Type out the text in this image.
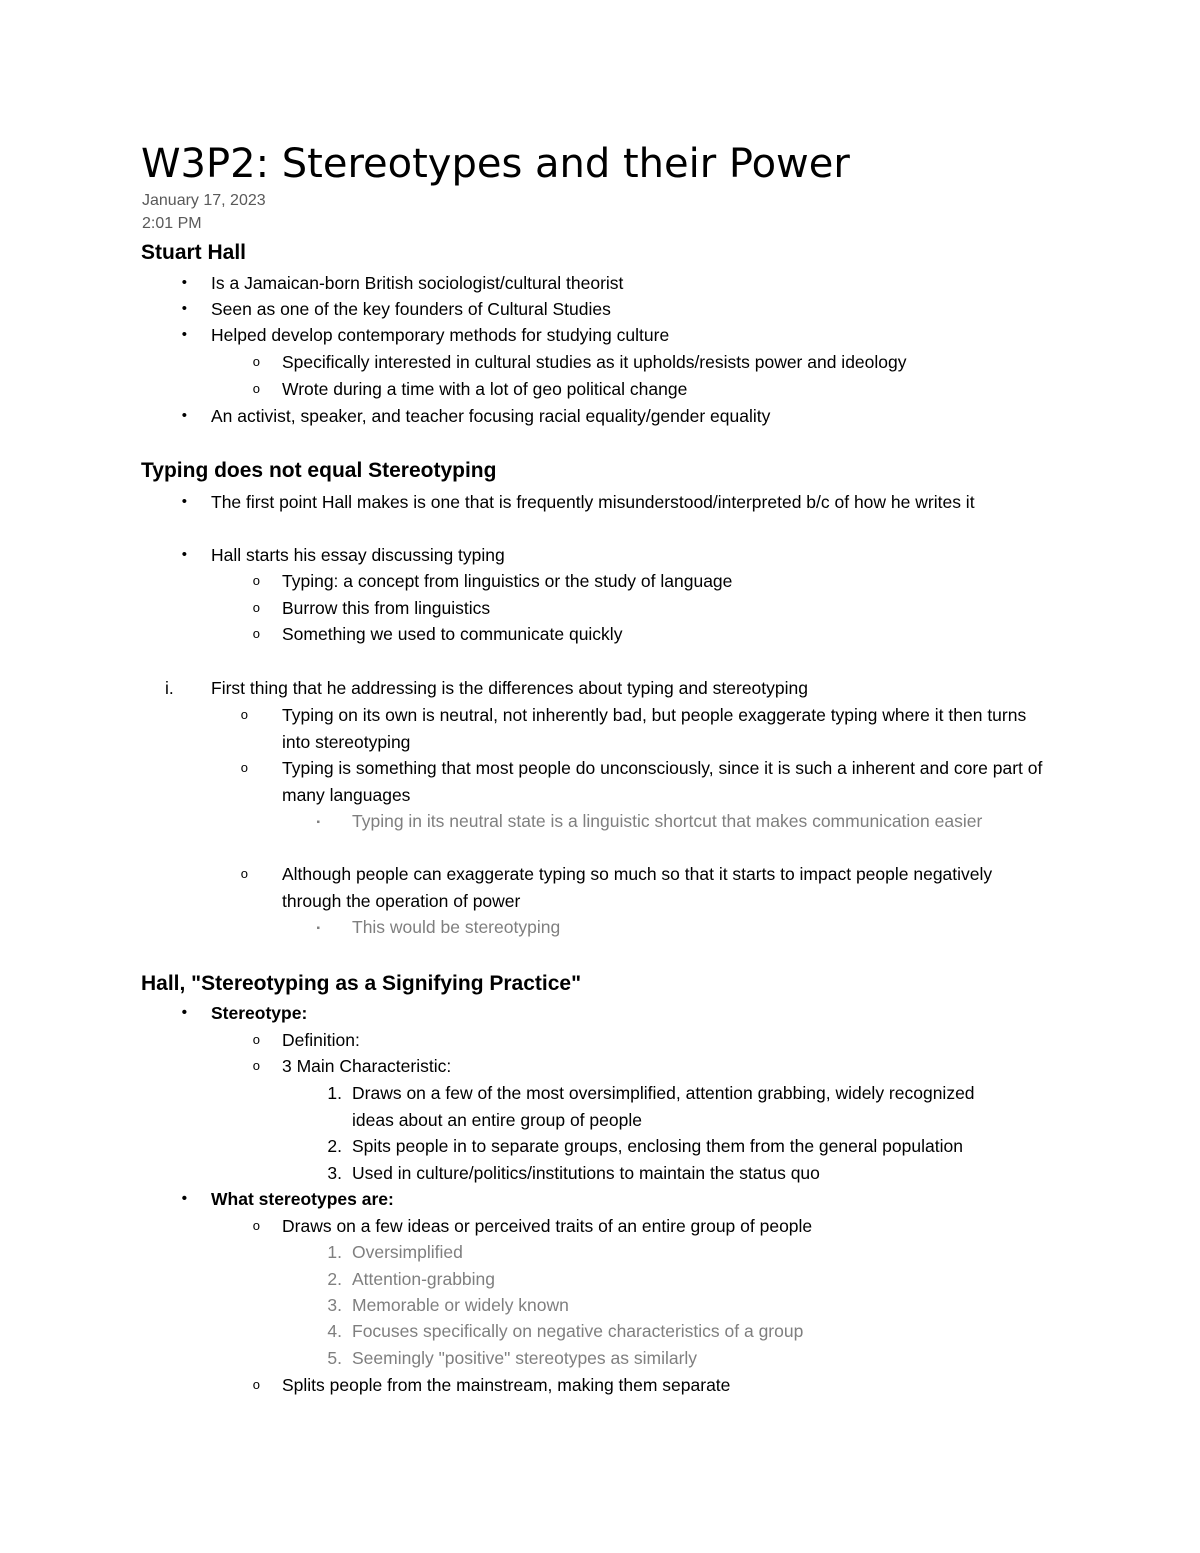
W3P2: Stereotypes and their Power
January 17, 2023
2:01 PM
Stuart Hall
• Is a Jamaican-born British sociologist/cultural theorist
• Seen as one of the key founders of Cultural Studies
• Helped develop contemporary methods for studying culture
o Specifically interested in cultural studies as it upholds/resists power and ideology
o Wrote during a time with a lot of geo political change
• An activist, speaker, and teacher focusing racial equality/gender equality
Typing does not equal Stereotyping
• The first point Hall makes is one that is frequently misunderstood/interpreted b/c of how he writes it
• Hall starts his essay discussing typing
o Typing: a concept from linguistics or the study of language
o Burrow this from linguistics
o Something we used to communicate quickly
i.	First thing that he addressing is the differences about typing and stereotyping
o Typing on its own is neutral, not inherently bad, but people exaggerate typing where it then turns into stereotyping
o Typing is something that most people do unconsciously, since it is such a inherent and core part of many languages
▪ Typing in its neutral state is a linguistic shortcut that makes communication easier
o Although people can exaggerate typing so much so that it starts to impact people negatively through the operation of power
▪ This would be stereotyping
Hall, "Stereotyping as a Signifying Practice"
• Stereotype:
o Definition:
o 3 Main Characteristic:
1. Draws on a few of the most oversimplified, attention grabbing, widely recognized ideas about an entire group of people
2. Spits people in to separate groups, enclosing them from the general population
3. Used in culture/politics/institutions to maintain the status quo
• What stereotypes are:
o Draws on a few ideas or perceived traits of an entire group of people
1. Oversimplified
2. Attention-grabbing
3. Memorable or widely known
4. Focuses specifically on negative characteristics of a group
5. Seemingly "positive" stereotypes as similarly
o Splits people from the mainstream, making them separate
